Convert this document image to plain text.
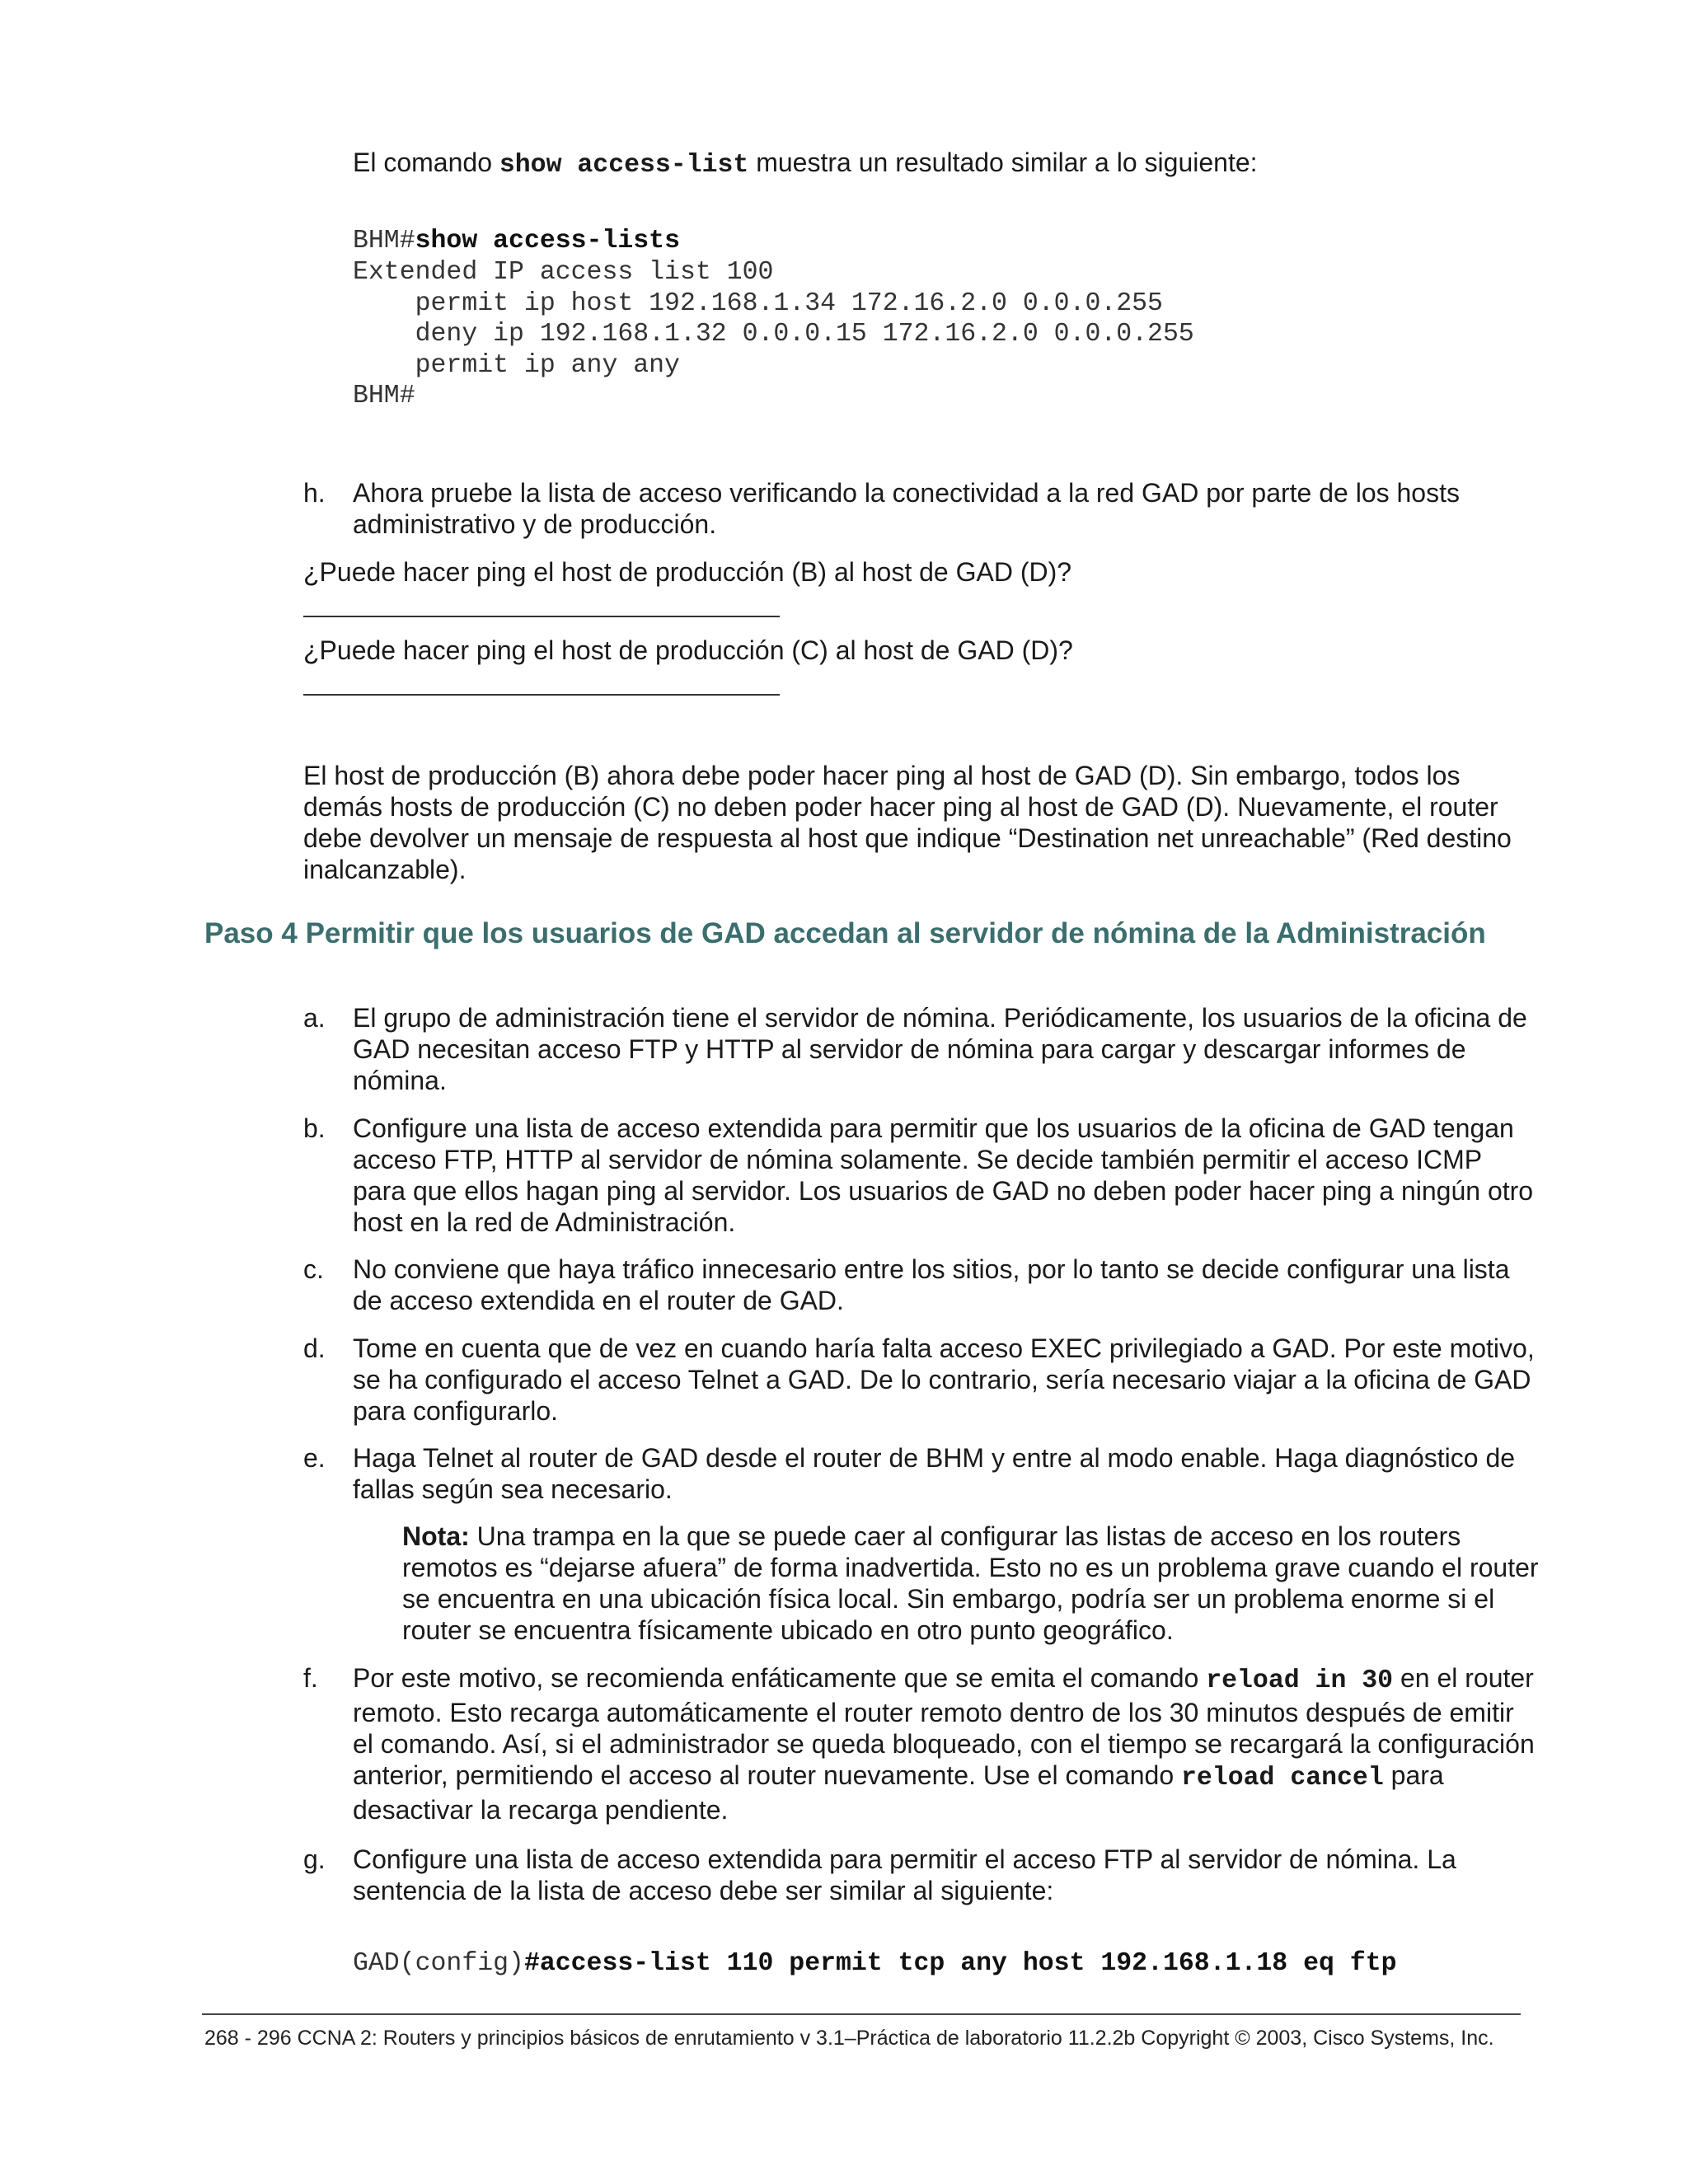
El comando show access-list muestra un resultado similar a lo siguiente:

BHM#show access-lists
Extended IP access list 100
permit ip host 192.168.1.34 172.16.2.0 0.0.0.255
deny ip 192.168.1.32 0.0.0.15 172.16.2.0 0.0.0.255
permit ip any any
BHM#
h. Ahora pruebe la lista de acceso verificando la conectividad a la red GAD por parte de los hosts administrativo y de producción.

¿Puede hacer ping el host de producción (B) al host de GAD (D)?

¿Puede hacer ping el host de producción (C) al host de GAD (D)?

El host de producción (B) ahora debe poder hacer ping al host de GAD (D). Sin embargo, todos los demás hosts de producción (C) no deben poder hacer ping al host de GAD (D). Nuevamente, el router debe devolver un mensaje de respuesta al host que indique “Destination net unreachable” (Red destino inalcanzable).

Paso 4 Permitir que los usuarios de GAD accedan al servidor de nómina de la Administración
a. El grupo de administración tiene el servidor de nómina. Periódicamente, los usuarios de la oficina de GAD necesitan acceso FTP y HTTP al servidor de nómina para cargar y descargar informes de nómina.
b. Configure una lista de acceso extendida para permitir que los usuarios de la oficina de GAD tengan acceso FTP, HTTP al servidor de nómina solamente. Se decide también permitir el acceso ICMP para que ellos hagan ping al servidor. Los usuarios de GAD no deben poder hacer ping a ningún otro host en la red de Administración.
c. No conviene que haya tráfico innecesario entre los sitios, por lo tanto se decide configurar una lista de acceso extendida en el router de GAD.
d. Tome en cuenta que de vez en cuando haría falta acceso EXEC privilegiado a GAD. Por este motivo, se ha configurado el acceso Telnet a GAD. De lo contrario, sería necesario viajar a la oficina de GAD para configurarlo.
e. Haga Telnet al router de GAD desde el router de BHM y entre al modo enable. Haga diagnóstico de fallas según sea necesario.
Nota: Una trampa en la que se puede caer al configurar las listas de acceso en los routers remotos es “dejarse afuera” de forma inadvertida. Esto no es un problema grave cuando el router se encuentra en una ubicación física local. Sin embargo, podría ser un problema enorme si el router se encuentra físicamente ubicado en otro punto geográfico.
f. Por este motivo, se recomienda enfáticamente que se emita el comando reload in 30 en el router remoto. Esto recarga automáticamente el router remoto dentro de los 30 minutos después de emitir el comando. Así, si el administrador se queda bloqueado, con el tiempo se recargará la configuración anterior, permitiendo el acceso al router nuevamente. Use el comando reload cancel para desactivar la recarga pendiente.
g. Configure una lista de acceso extendida para permitir el acceso FTP al servidor de nómina. La sentencia de la lista de acceso debe ser similar al siguiente:
GAD(config)#access-list 110 permit tcp any host 192.168.1.18 eq ftp
268 - 296 CCNA 2: Routers y principios básicos de enrutamiento v 3.1–Práctica de laboratorio 11.2.2b Copyright © 2003, Cisco Systems, Inc.
